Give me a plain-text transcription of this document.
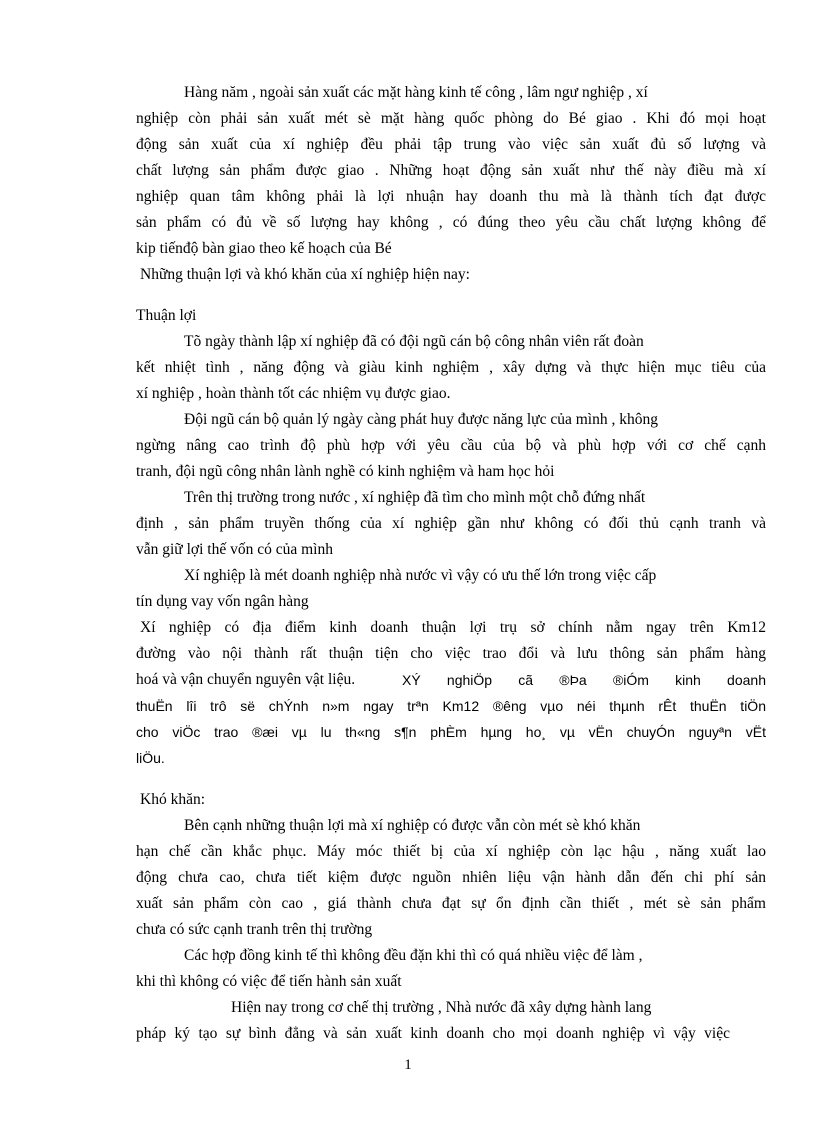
Hàng năm , ngoài sản xuất các mặt hàng kinh tế công , lâm ngư nghiệp , xí
nghiệp còn phải sản xuất mét sè mặt hàng quốc phòng do Bé giao . Khi đó mọi hoạt
động sản xuất của xí nghiệp đều phải tập trung vào việc sản xuất đủ số lượng và
chất lượng sản phẩm được giao . Những hoạt động sản xuất như thế này điều mà xí
nghiệp quan tâm không phải là lợi nhuận hay doanh thu mà là thành tích đạt được
sản phẩm có đủ về số lượng hay không , có đúng theo yêu cầu chất lượng không để
kip tiếnđộ bàn giao theo kế hoạch của Bé
Những thuận lợi và khó khăn của xí nghiệp hiện nay:
Thuận lợi
Tõ ngày thành lập xí nghiệp đã có đội ngũ cán bộ công nhân viên rất đoàn
kết nhiệt tình , năng động và giàu kinh nghiệm , xây dựng và thực hiện mục tiêu của
xí nghiệp , hoàn thành tốt các nhiệm vụ được giao.
Đội ngũ cán bộ quản lý ngày càng phát huy được năng lực của mình , không
ngừng nâng cao trình độ phù hợp với yêu cầu của bộ và phù hợp với cơ chế cạnh
tranh, đội ngũ công nhân lành nghề có kinh nghiệm và ham học hỏi
Trên thị trường trong nước , xí nghiệp đã tìm cho mình một chỗ đứng nhất
định , sản phẩm truyền thống của xí nghiệp gần như không có đối thủ cạnh tranh và
vẫn giữ lợi thế vốn có của mình
Xí nghiệp là mét doanh nghiệp nhà nước vì vậy có ưu thế lớn trong việc cấp
tín dụng vay vốn ngân hàng
Xí nghiệp có địa điểm kinh doanh thuận lợi trụ sở chính nằm ngay trên Km12
đường vào nội thành rất thuận tiện cho việc trao đổi và lưu thông sản phẩm hàng
hoá và vận chuyển nguyên vật liệu.	XÝ nghiÖp cã ®Þa ®iÓm kinh doanh
thuËn lîi trô së chÝnh n»m ngay trªn Km12 ®êng vµo néi thµnh rÊt thuËn tiÖn
cho viÖc trao ®æi vµ lu th«ng s¶n phÈm hµng ho¸ vµ vËn chuyÓn nguyªn vËt
liÖu.
Khó khăn:
Bên cạnh những thuận lợi mà xí nghiệp có được vẫn còn mét sè khó khăn
hạn chế cần khắc phục. Máy móc thiết bị của xí nghiệp còn lạc hậu , năng xuất lao
động chưa cao, chưa tiết kiệm được nguồn nhiên liệu vận hành dẫn đến chi phí sản
xuất sản phẩm còn cao , giá thành chưa đạt sự ổn định cần thiết , mét sè sản phẩm
chưa có sức cạnh tranh trên thị trường
Các hợp đồng kinh tế thì không đều đặn khi thì có quá nhiều việc để làm ,
khi thì không có việc để tiến hành sản xuất
Hiện nay trong cơ chế thị trường , Nhà nước đã xây dựng hành lang
pháp ký tạo sự bình đẳng và sản xuất kinh doanh cho mọi doanh nghiệp vì vậy việc
1
